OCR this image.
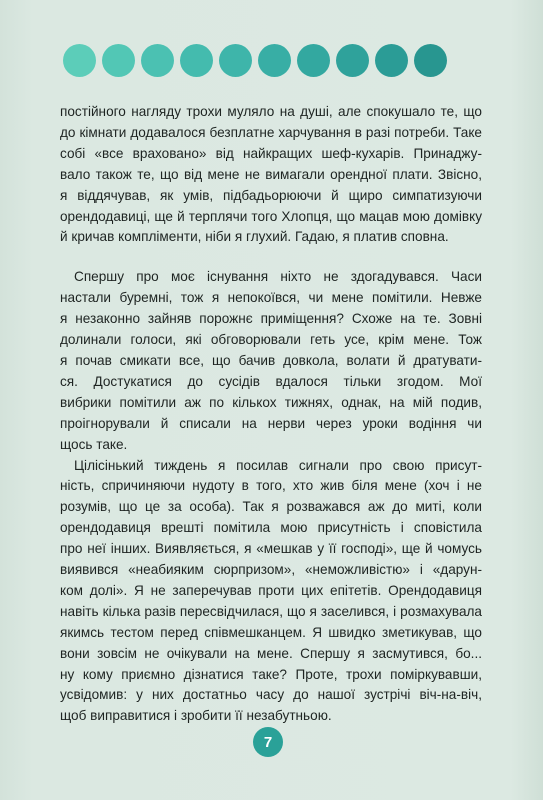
постійного нагляду трохи муляло на душі, але спокушало те, що
до кімнати додавалося безплатне харчування в разі потреби. Таке
собі «все враховано» від найкращих шеф-кухарів. Принаджу-
вало також те, що від мене не вимагали орендної плати. Звісно,
я віддячував, як умів, підбадьорюючи й щиро симпатизуючи
орендодавиці, ще й терплячи того Хлопця, що мацав мою домівку
й кричав компліменти, ніби я глухий. Гадаю, я платив сповна.

Спершу про моє існування ніхто не здогадувався. Часи
настали буремні, тож я непокоївся, чи мене помітили. Невже
я незаконно зайняв порожнє приміщення? Схоже на те. Зовні
долинали голоси, які обговорювали геть усе, крім мене. Тож
я почав смикати все, що бачив довкола, волати й дратувати-
ся. Достукатися до сусідів вдалося тільки згодом. Мої
вибрики помітили аж по кількох тижнях, однак, на мій подив,
проігнорували й списали на нерви через уроки водіння чи
щось таке.

Цілісінький тиждень я посилав сигнали про свою присут-
ність, спричиняючи нудоту в того, хто жив біля мене (хоч і не
розумів, що це за особа). Так я розважався аж до миті, коли
орендодавиця врешті помітила мою присутність і сповістила
про неї інших. Виявляється, я «мешкав у її господі», ще й чомусь
виявився «неабияким сюрпризом», «неможливістю» і «дарун-
ком долі». Я не заперечував проти цих епітетів. Орендодавиця
навіть кілька разів пересвідчилася, що я заселився, і розмахувала
якимсь тестом перед співмешканцем. Я швидко зметикував, що
вони зовсім не очікували на мене. Спершу я засмутився, бо...
ну кому приємно дізнатися таке? Проте, трохи поміркувавши,
усвідомив: у них достатньо часу до нашої зустрічі віч-на-віч,
щоб виправитися і зробити її незабутньою.

7
